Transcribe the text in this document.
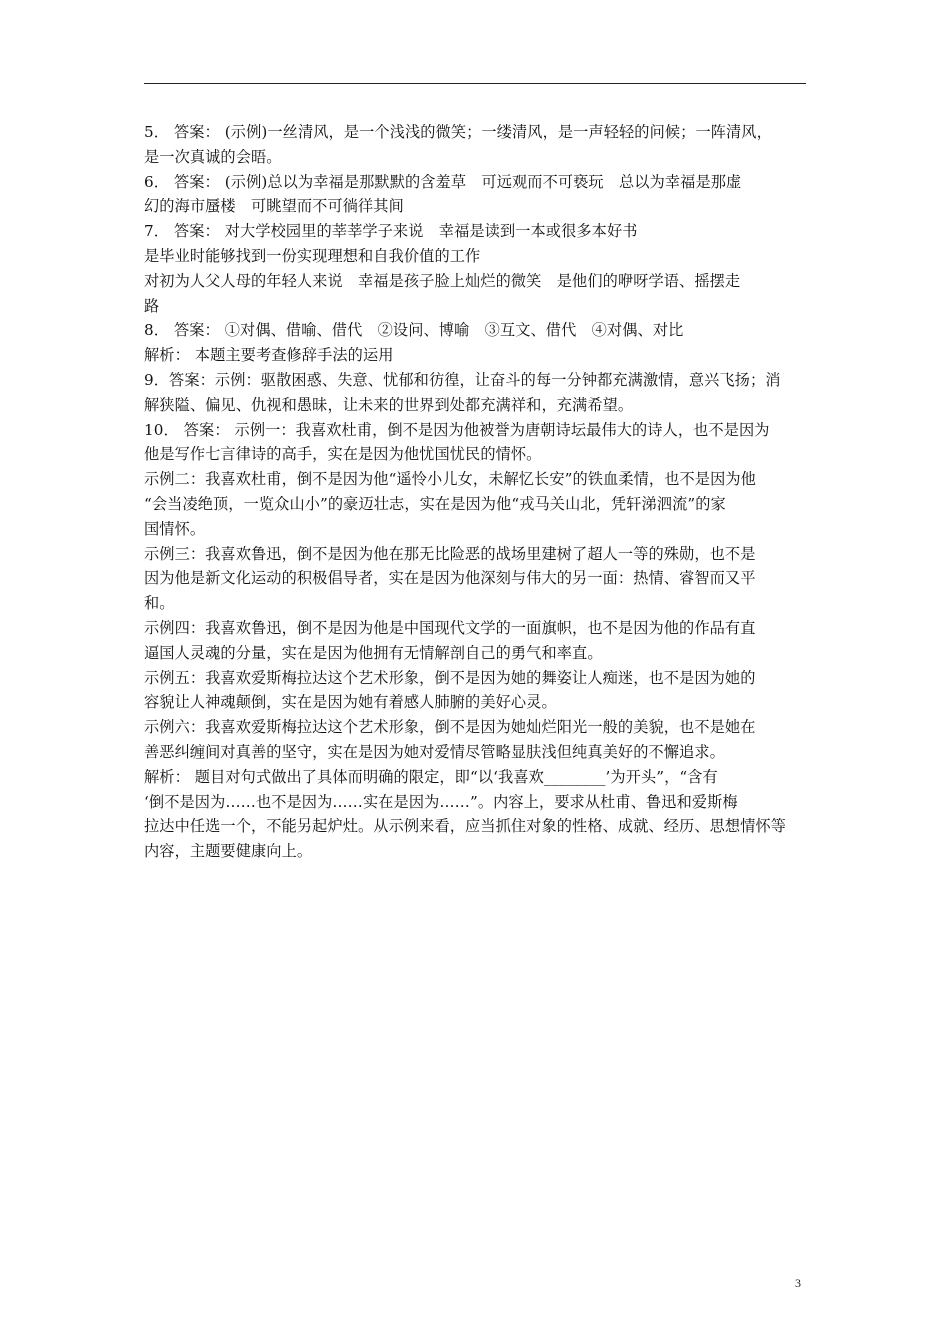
5． 答案： (示例)一丝清风，是一个浅浅的微笑；一缕清风，是一声轻轻的问候；一阵清风，

是一次真诚的会晤。

6． 答案： (示例)总以为幸福是那默默的含羞草　可远观而不可亵玩　总以为幸福是那虚

幻的海市蜃楼　可眺望而不可徜徉其间

7． 答案： 对大学校园里的莘莘学子来说　幸福是读到一本或很多本好书

是毕业时能够找到一份实现理想和自我价值的工作

对初为人父人母的年轻人来说　幸福是孩子脸上灿烂的微笑　是他们的咿呀学语、摇摆走

路

8． 答案： ①对偶、借喻、借代　②设问、博喻　③互文、借代　④对偶、对比

解析： 本题主要考查修辞手法的运用

9．答案：示例：驱散困惑、失意、忧郁和彷徨，让奋斗的每一分钟都充满激情，意兴飞扬；消

解狭隘、偏见、仇视和愚昧，让未来的世界到处都充满祥和，充满希望。

10． 答案： 示例一：我喜欢杜甫，倒不是因为他被誉为唐朝诗坛最伟大的诗人，也不是因为

他是写作七言律诗的高手，实在是因为他忧国忧民的情怀。

示例二：我喜欢杜甫，倒不是因为他“遥怜小儿女，未解忆长安”的铁血柔情，也不是因为他

“会当凌绝顶，一览众山小”的豪迈壮志，实在是因为他“戎马关山北，凭轩涕泗流”的家

国情怀。

示例三：我喜欢鲁迅，倒不是因为他在那无比险恶的战场里建树了超人一等的殊勋，也不是

因为他是新文化运动的积极倡导者，实在是因为他深刻与伟大的另一面：热情、睿智而又平

和。

示例四：我喜欢鲁迅，倒不是因为他是中国现代文学的一面旗帜，也不是因为他的作品有直

逼国人灵魂的分量，实在是因为他拥有无情解剖自己的勇气和率直。

示例五：我喜欢爱斯梅拉达这个艺术形象，倒不是因为她的舞姿让人痴迷，也不是因为她的

容貌让人神魂颠倒，实在是因为她有着感人肺腑的美好心灵。

示例六：我喜欢爱斯梅拉达这个艺术形象，倒不是因为她灿烂阳光一般的美貌，也不是她在

善恶纠缠间对真善的坚守，实在是因为她对爱情尽管略显肤浅但纯真美好的不懈追求。

解析： 题目对句式做出了具体而明确的限定，即“以‘我喜欢________’为开头”，“含有

‘倒不是因为……也不是因为……实在是因为……”。内容上，要求从杜甫、鲁迅和爱斯梅

拉达中任选一个，不能另起炉灶。从示例来看，应当抓住对象的性格、成就、经历、思想情怀等

内容，主题要健康向上。

3
